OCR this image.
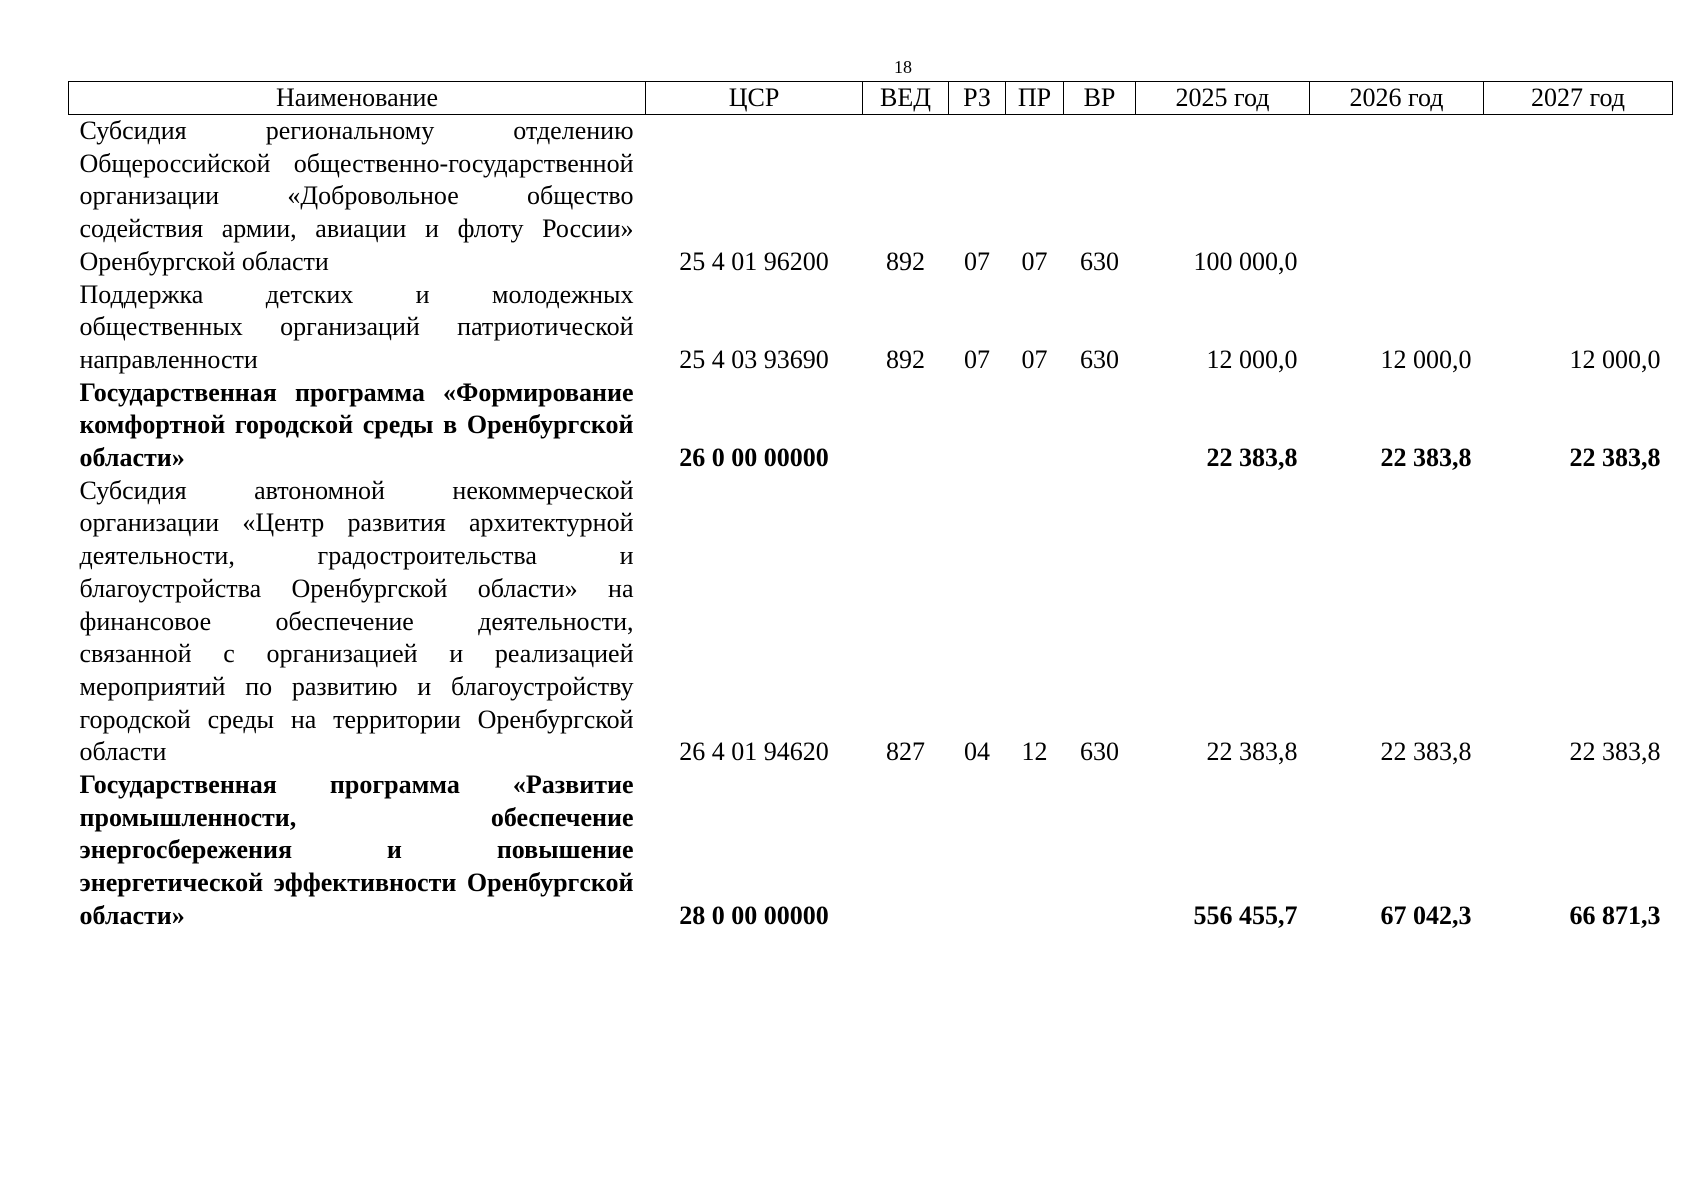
18
Наименование	ЦСР	ВЕД	РЗ	ПР	ВР	2025 год	2026 год	2027 год
Субсидия региональному отделению Общероссийской общественно-государственной организации «Добровольное общество содействия армии, авиации и флоту России» Оренбургской области	25 4 01 96200	892	07	07	630	100 000,0		
Поддержка детских и молодежных общественных организаций патриотической направленности	25 4 03 93690	892	07	07	630	12 000,0	12 000,0	12 000,0
Государственная программа «Формирование комфортной городской среды в Оренбургской области»	26 0 00 00000					22 383,8	22 383,8	22 383,8
Субсидия автономной некоммерческой организации «Центр развития архитектурной деятельности, градостроительства и благоустройства Оренбургской области» на финансовое обеспечение деятельности, связанной с организацией и реализацией мероприятий по развитию и благоустройству городской среды на территории Оренбургской области	26 4 01 94620	827	04	12	630	22 383,8	22 383,8	22 383,8
Государственная программа «Развитие промышленности, обеспечение энергосбережения и повышение энергетической эффективности Оренбургской области»	28 0 00 00000					556 455,7	67 042,3	66 871,3
